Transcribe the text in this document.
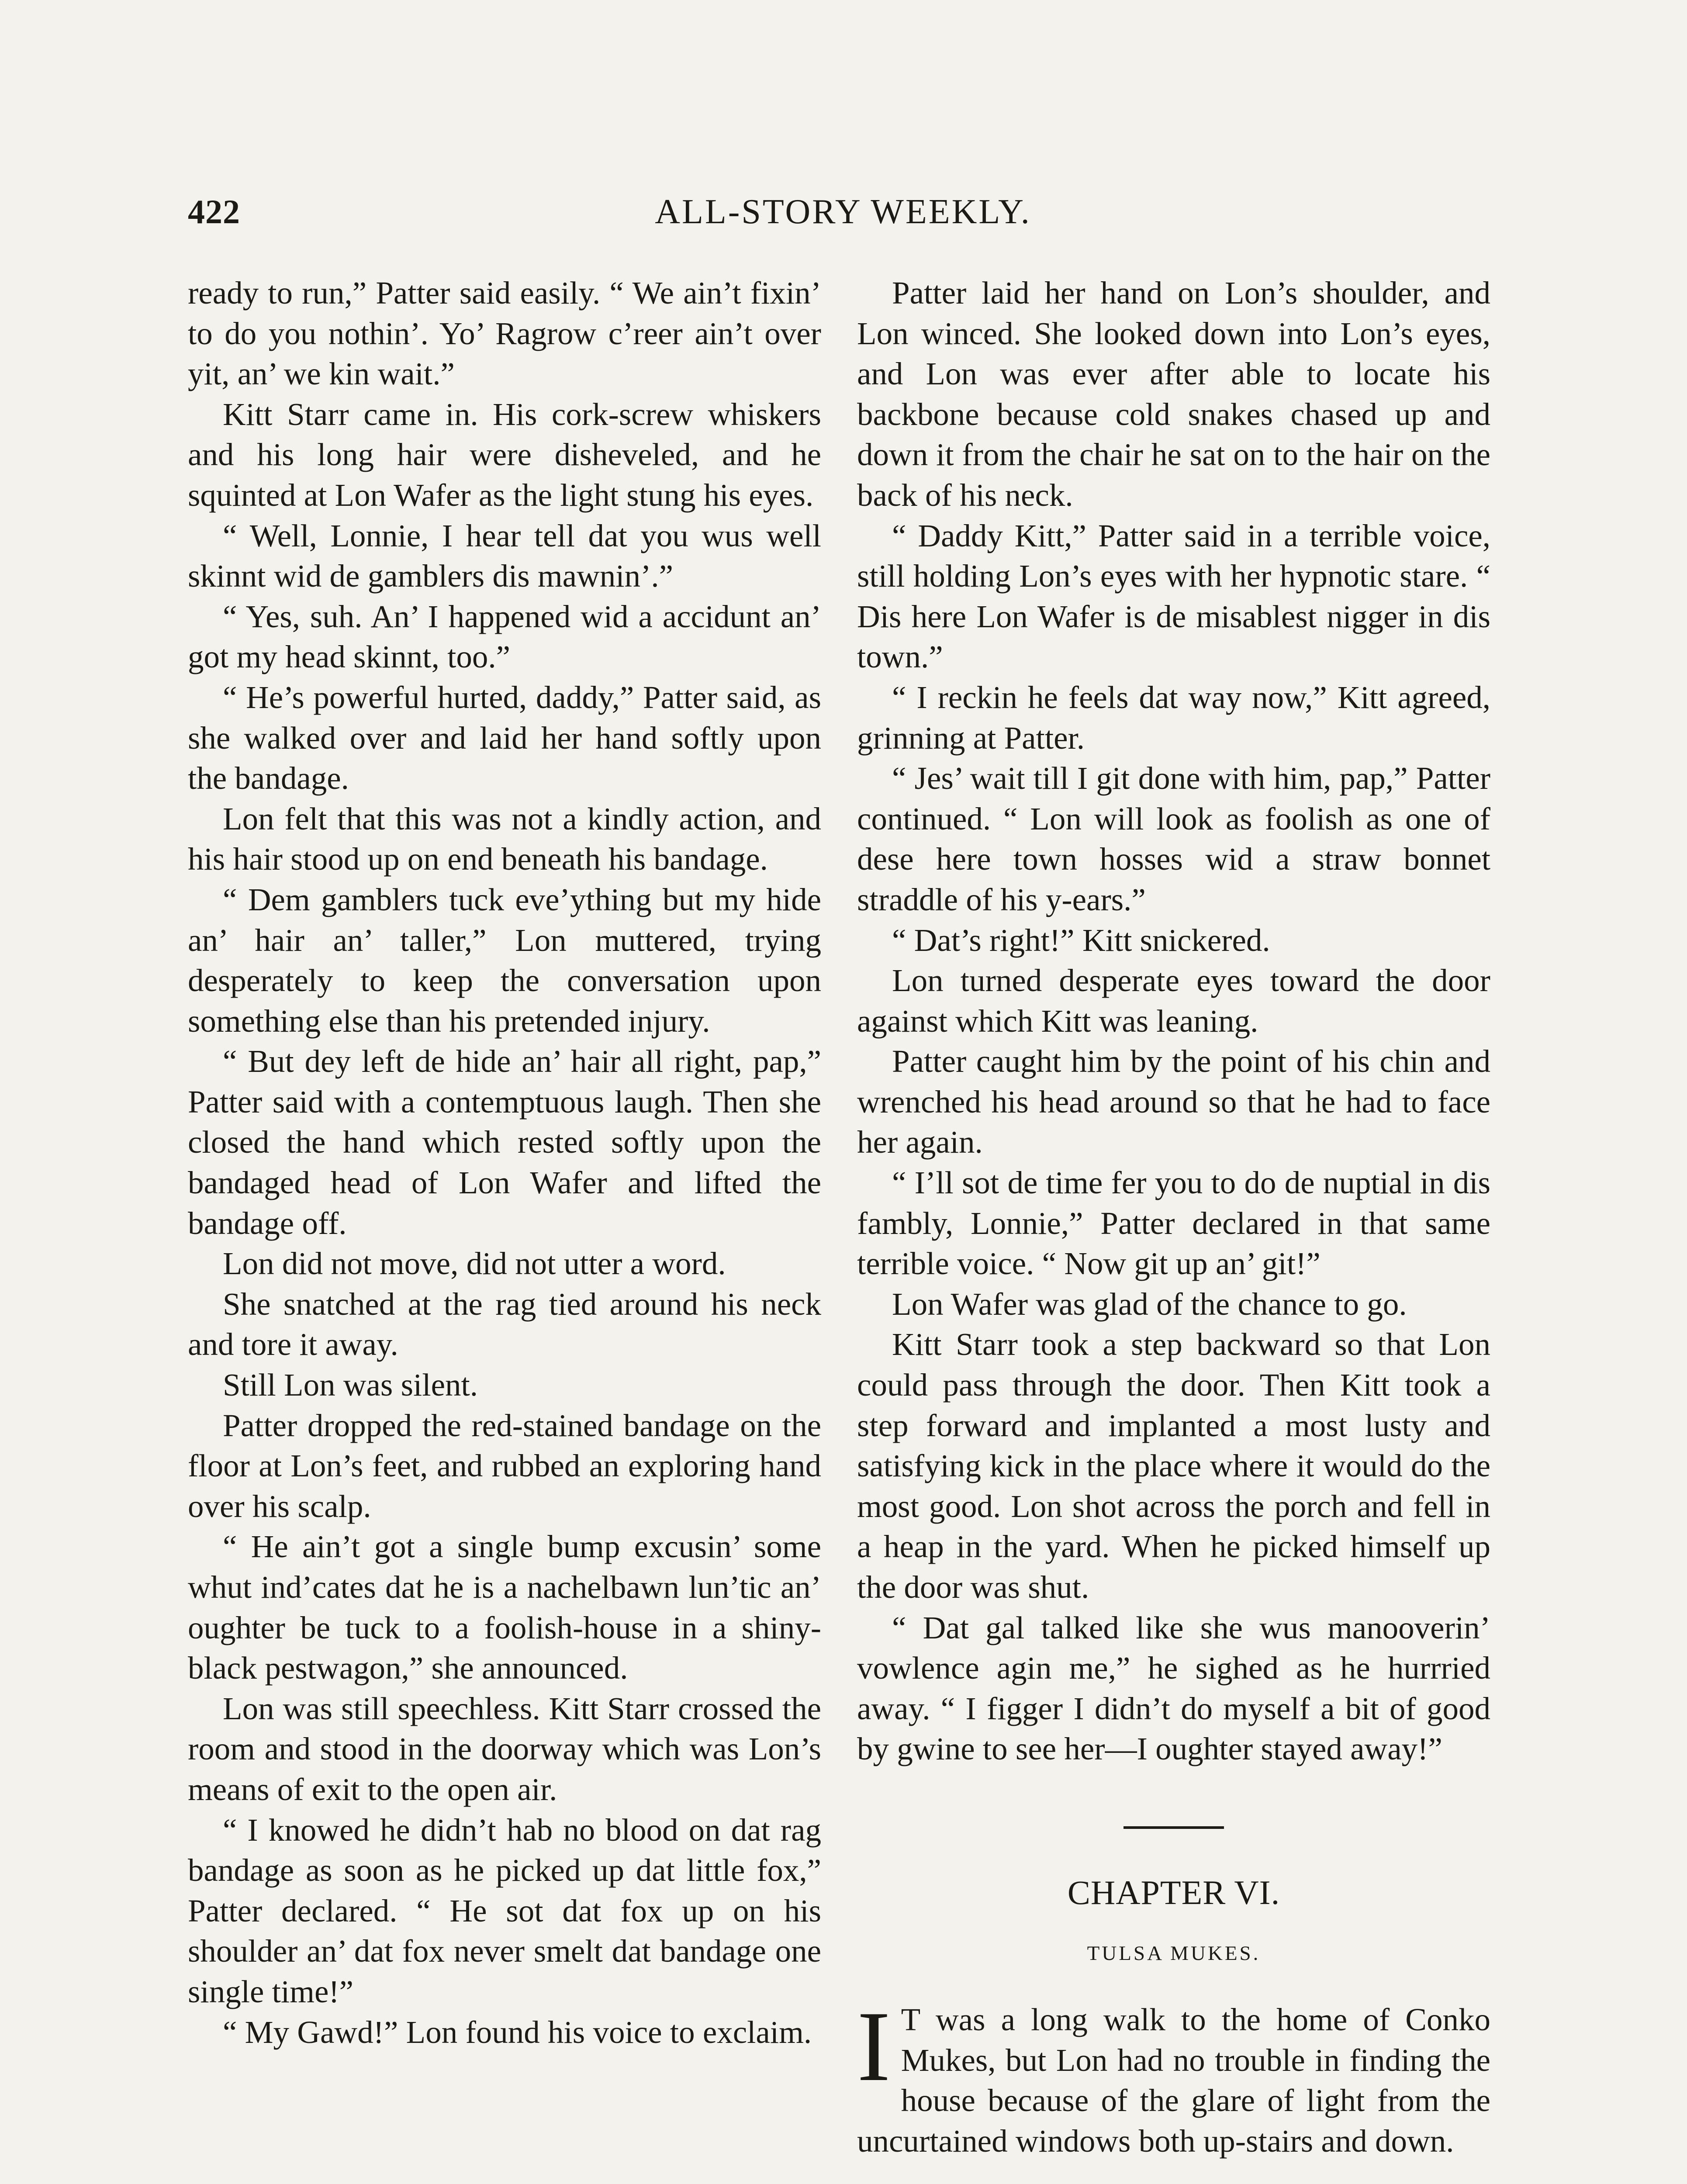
422	ALL-STORY WEEKLY.

ready to run,” Patter said easily. “ We ain’t fixin’ to do you nothin’. Yo’ Ragrow c’reer ain’t over yit, an’ we kin wait.”

Kitt Starr came in. His cork-screw whiskers and his long hair were disheveled, and he squinted at Lon Wafer as the light stung his eyes.

“ Well, Lonnie, I hear tell dat you wus well skinnt wid de gamblers dis mawnin’.”

“ Yes, suh. An’ I happened wid a accidunt an’ got my head skinnt, too.”

“ He’s powerful hurted, daddy,” Patter said, as she walked over and laid her hand softly upon the bandage.

Lon felt that this was not a kindly action, and his hair stood up on end beneath his bandage.

“ Dem gamblers tuck eve’ything but my hide an’ hair an’ taller,” Lon muttered, trying desperately to keep the conversation upon something else than his pretended injury.

“ But dey left de hide an’ hair all right, pap,” Patter said with a contemptuous laugh. Then she closed the hand which rested softly upon the bandaged head of Lon Wafer and lifted the bandage off.

Lon did not move, did not utter a word.

She snatched at the rag tied around his neck and tore it away.

Still Lon was silent.

Patter dropped the red-stained bandage on the floor at Lon’s feet, and rubbed an exploring hand over his scalp.

“ He ain’t got a single bump excusin’ some whut ind’cates dat he is a nachelbawn lun’tic an’ oughter be tuck to a foolish-house in a shiny-black pestwagon,” she announced.

Lon was still speechless. Kitt Starr crossed the room and stood in the doorway which was Lon’s means of exit to the open air.

“ I knowed he didn’t hab no blood on dat rag bandage as soon as he picked up dat little fox,” Patter declared. “ He sot dat fox up on his shoulder an’ dat fox never smelt dat bandage one single time!”

“ My Gawd!” Lon found his voice to exclaim.

Patter laid her hand on Lon’s shoulder, and Lon winced. She looked down into Lon’s eyes, and Lon was ever after able to locate his backbone because cold snakes chased up and down it from the chair he sat on to the hair on the back of his neck.

“ Daddy Kitt,” Patter said in a terrible voice, still holding Lon’s eyes with her hypnotic stare. “ Dis here Lon Wafer is de misablest nigger in dis town.”

“ I reckin he feels dat way now,” Kitt agreed, grinning at Patter.

“ Jes’ wait till I git done with him, pap,” Patter continued. “ Lon will look as foolish as one of dese here town hosses wid a straw bonnet straddle of his y-ears.”

“ Dat’s right!” Kitt snickered.

Lon turned desperate eyes toward the door against which Kitt was leaning.

Patter caught him by the point of his chin and wrenched his head around so that he had to face her again.

“ I’ll sot de time fer you to do de nuptial in dis fambly, Lonnie,” Patter declared in that same terrible voice. “ Now git up an’ git!”

Lon Wafer was glad of the chance to go.

Kitt Starr took a step backward so that Lon could pass through the door. Then Kitt took a step forward and implanted a most lusty and satisfying kick in the place where it would do the most good. Lon shot across the porch and fell in a heap in the yard. When he picked himself up the door was shut.

“ Dat gal talked like she wus manooverin’ vowlence agin me,” he sighed as he hurrried away. “ I figger I didn’t do myself a bit of good by gwine to see her—I oughter stayed away!”

CHAPTER VI.
TULSA MUKES.

I T was a long walk to the home of Conko Mukes, but Lon had no trouble in finding the house because of the glare of light from the uncurtained windows both up-stairs and down.
